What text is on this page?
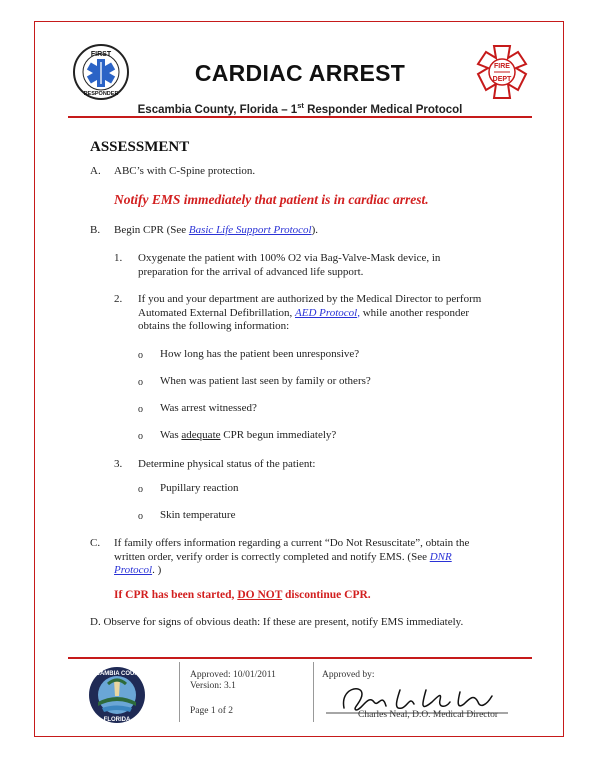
FIRST
RESPONDER
FIRE
DEPT
CARDIAC ARREST
Escambia County, Florida – 1st Responder Medical Protocol
ASSESSMENT
A. ABC’s with C-Spine protection.
Notify EMS immediately that patient is in cardiac arrest.
B. Begin CPR (See Basic Life Support Protocol).
1. Oxygenate the patient with 100% O2 via Bag-Valve-Mask device, in
preparation for the arrival of advanced life support.
2. If you and your department are authorized by the Medical Director to perform
Automated External Defibrillation, AED Protocol, while another responder
obtains the following information:
o How long has the patient been unresponsive?
o When was patient last seen by family or others?
o Was arrest witnessed?
o Was adequate CPR begun immediately?
3. Determine physical status of the patient:
o Pupillary reaction
o Skin temperature
C. If family offers information regarding a current “Do Not Resuscitate”, obtain the
written order, verify order is correctly completed and notify EMS. (See DNR
Protocol. )
If CPR has been started, DO NOT discontinue CPR.
D. Observe for signs of obvious death: If these are present, notify EMS immediately.
ESCAMBIA COUNTY
FLORIDA
Approved: 10/01/2011
Version: 3.1
Page 1 of 2
Approved by:
Charles Neal, D.O. Medical Director
